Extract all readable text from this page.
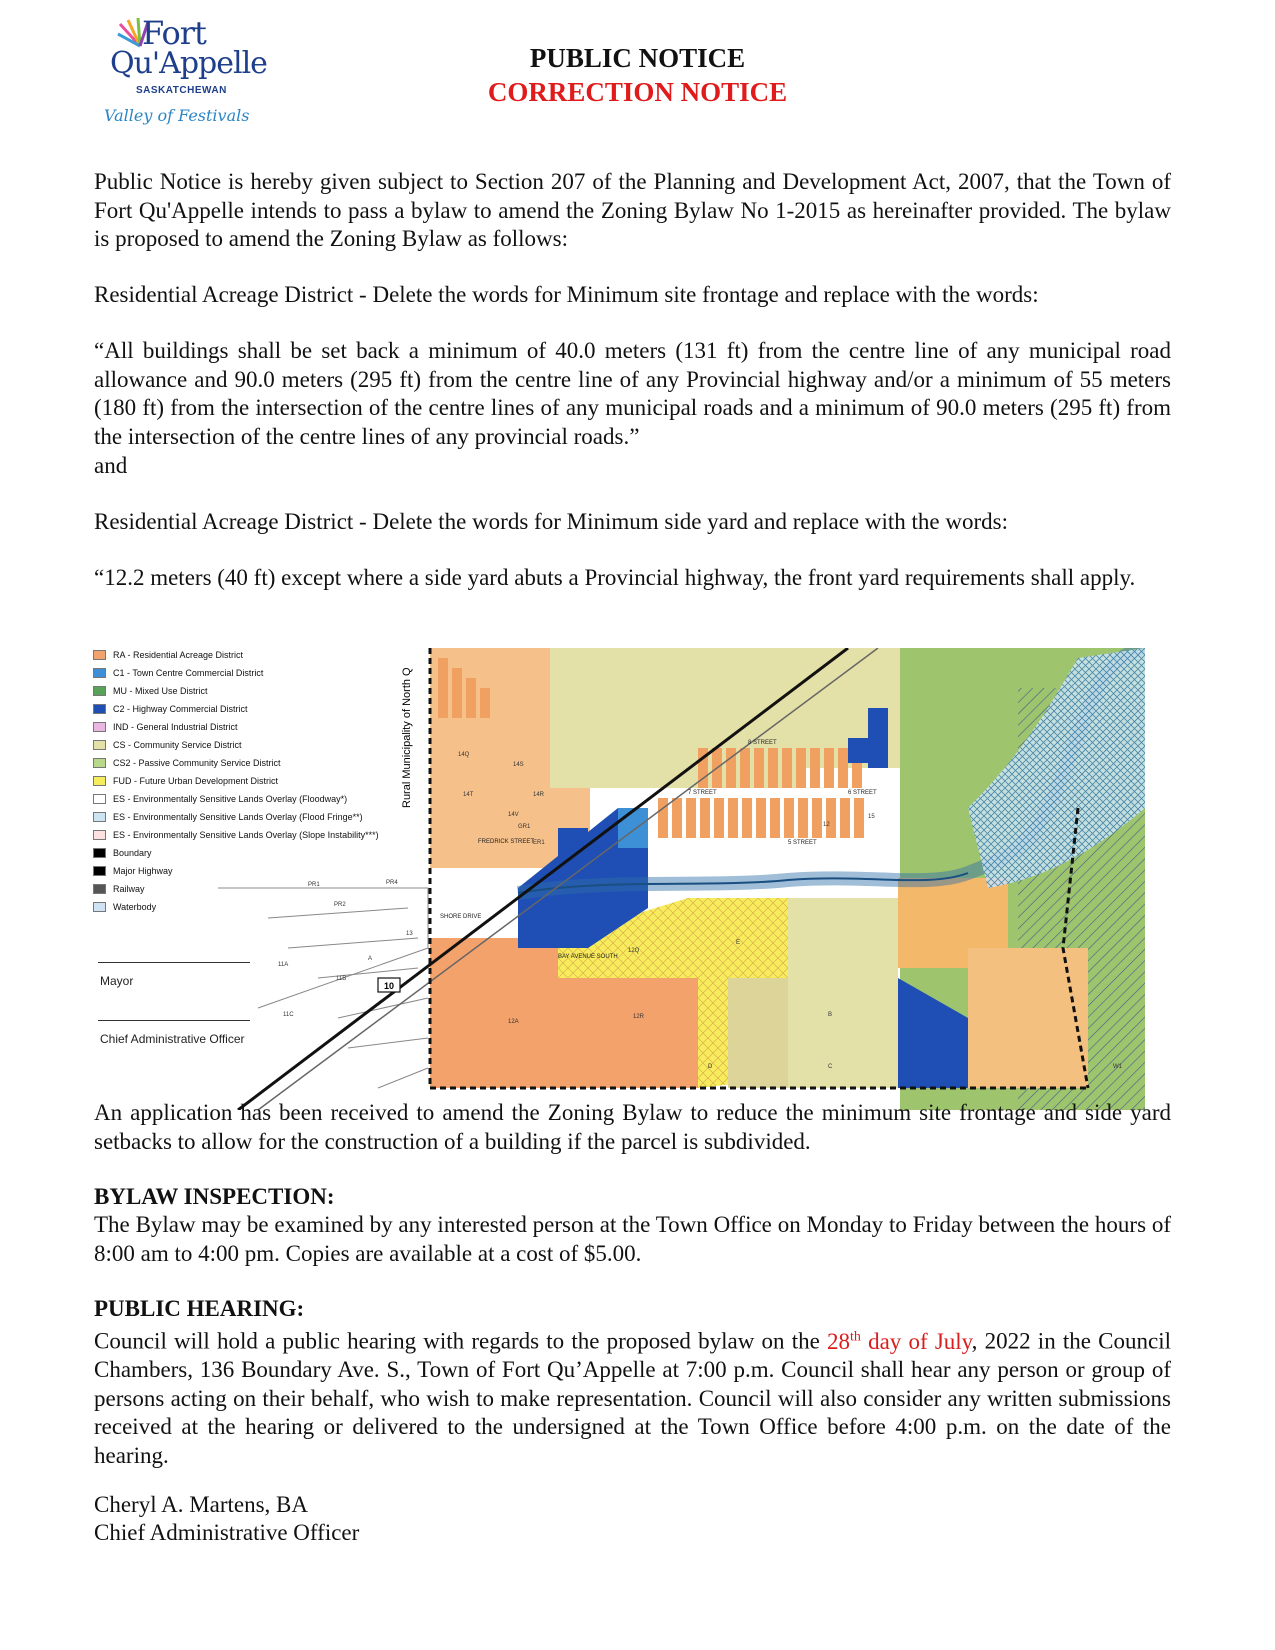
Fort
Qu'Appelle
SASKATCHEWAN
Valley of Festivals
PUBLIC NOTICE
CORRECTION NOTICE

Public Notice is hereby given subject to Section 207 of the Planning and Development Act, 2007, that the Town of Fort Qu'Appelle intends to pass a bylaw to amend the Zoning Bylaw No 1-2015 as hereinafter provided. The bylaw is proposed to amend the Zoning Bylaw as follows:

Residential Acreage District - Delete the words for Minimum site frontage and replace with the words:

“All buildings shall be set back a minimum of 40.0 meters (131 ft) from the centre line of any municipal road allowance and 90.0 meters (295 ft) from the centre line of any Provincial highway and/or a minimum of 55 meters (180 ft) from the intersection of the centre lines of any municipal roads and a minimum of 90.0 meters (295 ft) from the intersection of the centre lines of any provincial roads.”

and

Residential Acreage District - Delete the words for Minimum side yard and replace with the words:

“12.2 meters (40 ft) except where a side yard abuts a Provincial highway, the front yard requirements shall apply.

10
Rural Municipality of North Q	8 STREET
7 STREET	6 STREET
5 STREET
BAY AVENUE SOUTH
SHORE DRIVE
FREDRICK STREET
14Q
14S
14T	14R
14V
12Q
12R
12A
13
11A
11B
11C
PR1
PR2
PR4
GR1
ER1
12
15
E
B
D	C
A
W1
RA - Residential Acreage District
C1 - Town Centre Commercial District
MU - Mixed Use District
C2 - Highway Commercial District
IND - General Industrial District
CS - Community Service District
CS2 - Passive Community Service District
FUD - Future Urban Development District
ES - Environmentally Sensitive Lands Overlay (Floodway*)
ES - Environmentally Sensitive Lands Overlay (Flood Fringe**)
ES - Environmentally Sensitive Lands Overlay (Slope Instability***)
Boundary
Major Highway
Railway
Waterbody
Mayor
Chief Administrative Officer

An application has been received to amend the Zoning Bylaw to reduce the minimum site frontage and side yard setbacks to allow for the construction of a building if the parcel is subdivided.

BYLAW INSPECTION:

The Bylaw may be examined by any interested person at the Town Office on Monday to Friday between the hours of 8:00 am to 4:00 pm. Copies are available at a cost of $5.00.

PUBLIC HEARING:

Council will hold a public hearing with regards to the proposed bylaw on the 28th day of July, 2022 in the Council Chambers, 136 Boundary Ave. S., Town of Fort Qu’Appelle at 7:00 p.m. Council shall hear any person or group of persons acting on their behalf, who wish to make representation. Council will also consider any written submissions received at the hearing or delivered to the undersigned at the Town Office before 4:00 p.m. on the date of the hearing.

Cheryl A. Martens, BA

Chief Administrative Officer
